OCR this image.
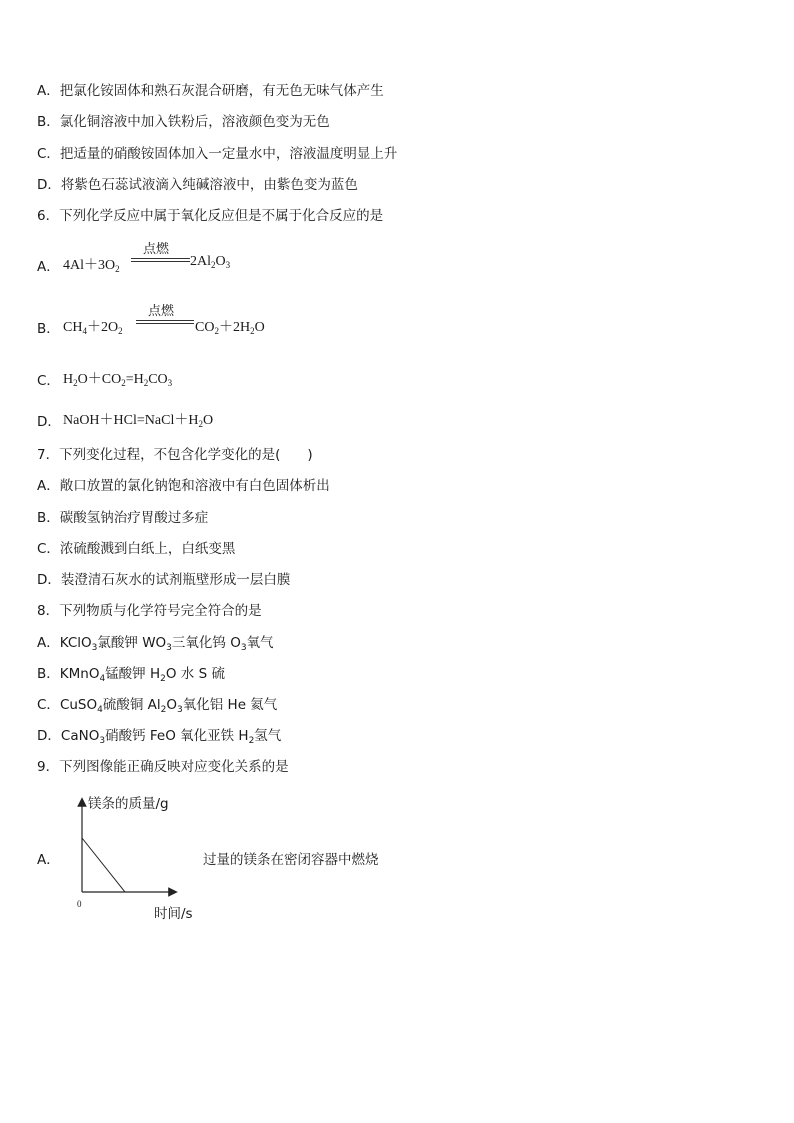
A．把氯化铵固体和熟石灰混合研磨，有无色无味气体产生
B．氯化铜溶液中加入铁粉后，溶液颜色变为无色
C．把适量的硝酸铵固体加入一定量水中，溶液温度明显上升
D．将紫色石蕊试液滴入纯碱溶液中，由紫色变为蓝色
6．下列化学反应中属于氧化反应但是不属于化合反应的是
A． $4Al+3O_2$
点燃
$2Al_2O_3$
B． $CH_4+2O_2$
点燃
$CO_2+2H_2O$
C． $H_2O+CO_2=H_2CO_3$
D． $NaOH+HCl=NaCl+H_2O$
7．下列变化过程，不包含化学变化的是(　　)
A．敞口放置的氯化钠饱和溶液中有白色固体析出
B．碳酸氢钠治疗胃酸过多症
C．浓硫酸溅到白纸上，白纸变黑
D．装澄清石灰水的试剂瓶壁形成一层白膜
8．下列物质与化学符号完全符合的是
A．KClO$_3$氯酸钾 $WO_3$三氧化钨 $O_3$氧气
B．KMnO$_4$锰酸钾 $H_2O$ 水 S 硫
C．CuSO$_4$硫酸铜 $Al_2O_3$氧化铝 He 氦气
D．CaNO$_3$硝酸钙 FeO 氧化亚铁 $H_2$氢气
9．下列图像能正确反映对应变化关系的是
镁条的质量/g
A．	过量的镁条在密闭容器中燃烧
0
时间/s
